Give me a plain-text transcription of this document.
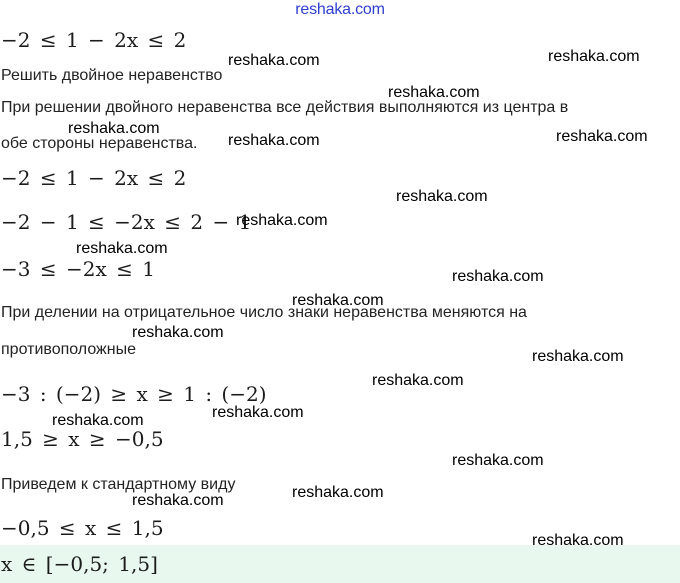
reshaka.com
−2 ≤ 1 − 2x ≤ 2
Решить двойное неравенство
При решении двойного неравенства все действия выполняются из центра в
обе стороны неравенства.
−2 ≤ 1 − 2x ≤ 2
−2 − 1 ≤ −2x ≤ 2 − 1
−3 ≤ −2x ≤ 1
При делении на отрицательное число знаки неравенства меняются на
противоположные
−3 : (−2) ≥ x ≥ 1 : (−2)
1,5 ≥ x ≥ −0,5
Приведем к стандартному виду
−0,5 ≤ x ≤ 1,5
x ∈ [−0,5; 1,5]
reshaka.com	reshaka.com
reshaka.com
reshaka.com
reshaka.com	reshaka.com
reshaka.com
reshaka.com
reshaka.com
reshaka.com
reshaka.com
reshaka.com
reshaka.com
reshaka.com
reshaka.com
reshaka.com
reshaka.com
reshaka.com
reshaka.com
reshaka.com
